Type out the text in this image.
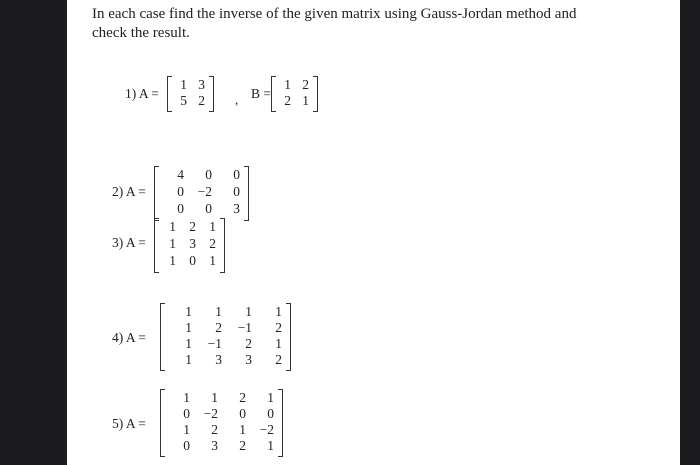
In each case find the inverse of the given matrix using Gauss-Jordan method and
check the result.
1) A =
1 3
5 2 , B =
1 2
2 1
2) A =
4	0	0
0	−2	0
0	0	3
3) A =
1 2 1
1 3 2
1 0 1
4) A =
1	1	1	1
1	2	−1	2
1	−1	2	1
1	3	3	2
5) A =
1	1	2	1
0	−2	0	0
1	2	1	−2
0	3	2	1
